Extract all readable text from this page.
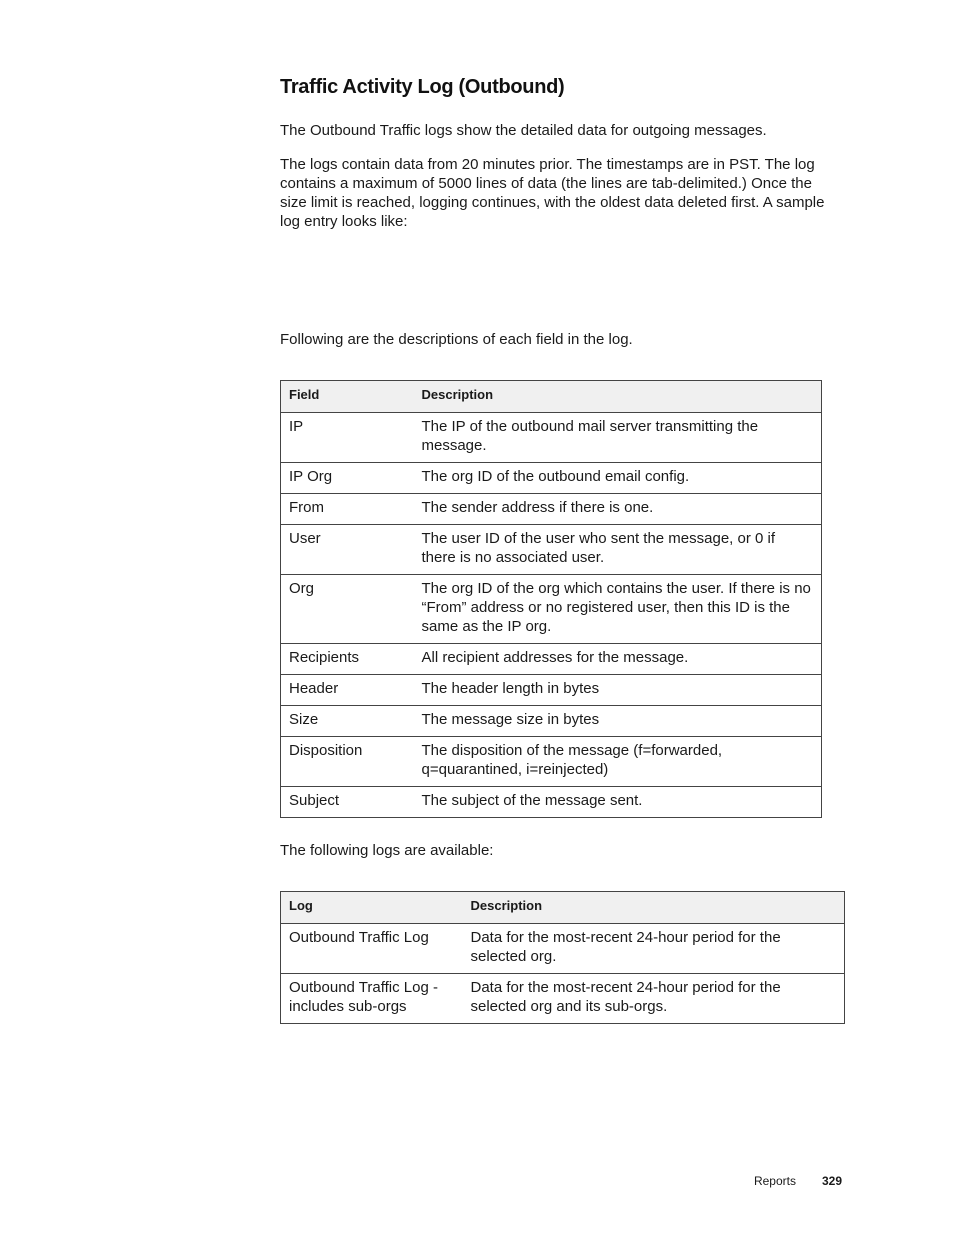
Traffic Activity Log (Outbound)

The Outbound Traffic logs show the detailed data for outgoing messages.

The logs contain data from 20 minutes prior. The timestamps are in PST. The log contains a maximum of 5000 lines of data (the lines are tab-delimited.) Once the size limit is reached, logging continues, with the oldest data deleted first. A sample log entry looks like:

Following are the descriptions of each field in the log.

Field	Description
IP	The IP of the outbound mail server transmitting the message.
IP Org	The org ID of the outbound email config.
From	The sender address if there is one.
User	The user ID of the user who sent the message, or 0 if there is no associated user.
Org	The org ID of the org which contains the user. If there is no “From” address or no registered user, then this ID is the same as the IP org.
Recipients	All recipient addresses for the message.
Header	The header length in bytes
Size	The message size in bytes
Disposition	The disposition of the message (f=forwarded, q=quarantined, i=reinjected)
Subject	The subject of the message sent.

The following logs are available:

Log	Description
Outbound Traffic Log	Data for the most-recent 24-hour period for the selected org.
Outbound Traffic Log - includes sub-orgs	Data for the most-recent 24-hour period for the selected org and its sub-orgs.
Reports 329
